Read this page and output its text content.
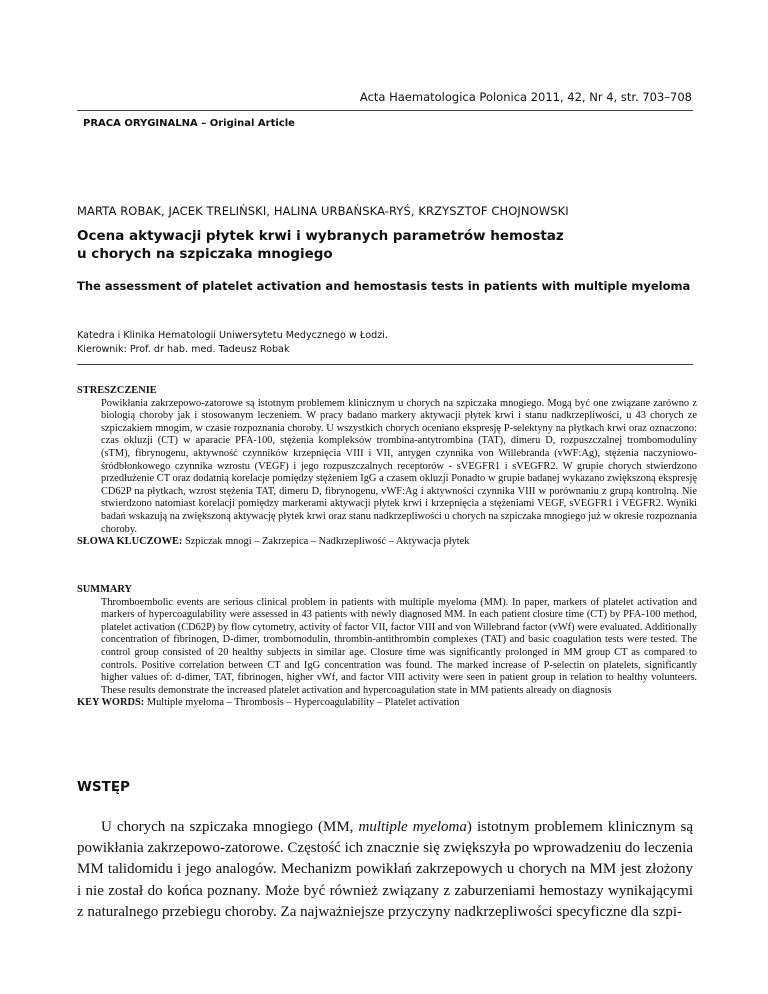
Acta Haematologica Polonica 2011, 42, Nr 4, str. 703–708
PRACA ORYGINALNA – Original Article
MARTA ROBAK, JACEK TRELIŃSKI, HALINA URBAŃSKA-RYŚ, KRZYSZTOF CHOJNOWSKI
Ocena aktywacji płytek krwi i wybranych parametrów hemostaz
u chorych na szpiczaka mnogiego
The assessment of platelet activation and hemostasis tests in patients with multiple myeloma
Katedra i Klinika Hematologii Uniwersytetu Medycznego w Łodzi.
Kierownik: Prof. dr hab. med. Tadeusz Robak
STRESZCZENIE
Powikłania zakrzepowo-zatorowe są istotnym problemem klinicznym u chorych na szpiczaka mnogiego. Mogą być one związane zarówno z biologią choroby jak i stosowanym leczeniem. W pracy badano markery aktywacji płytek krwi i stanu nadkrzepliwości, u 43 chorych ze szpiczakiem mnogim, w czasie rozpoznania choroby. U wszystkich chorych oceniano ekspresję P-selektyny na płytkach krwi oraz oznaczono: czas okluzji (CT) w aparacie PFA-100, stężenia kompleksów trombina-antytrombina (TAT), dimeru D, rozpuszczalnej trombomoduliny (sTM), fibrynogenu, aktywność czynników krzepnięcia VIII i VII, antygen czynnika von Willebranda (vWF:Ag), stężenia naczyniowo-śródbłonkowego czynnika wzrostu (VEGF) i jego rozpuszczalnych receptorów - sVEGFR1 i sVEGFR2. W grupie chorych stwierdzono przedłużenie CT oraz dodatnią korelacje pomiędzy stężeniem IgG a czasem okluzji Ponadto w grupie badanej wykazano zwiększoną ekspresję CD62P na płytkach, wzrost stężenia TAT, dimeru D, fibrynogenu, vWF:Ag i aktywności czynnika VIII w porównaniu z grupą kontrolną. Nie stwierdzono natomiast korelacji pomiędzy markerami aktywacji płytek krwi i krzepnięcia a stężeniami VEGF, sVEGFR1 i VEGFR2. Wyniki badań wskazują na zwiększoną aktywację płytek krwi oraz stanu nadkrzepliwości u chorych na szpiczaka mnogiego już w okresie rozpoznania choroby.
SŁOWA KLUCZOWE: Szpiczak mnogi – Zakrzepica – Nadkrzepliwość – Aktywacja płytek
SUMMARY
Thromboembolic events are serious clinical problem in patients with multiple myeloma (MM). In paper, markers of platelet activation and markers of hypercoagulability were assessed in 43 patients with newly diagnosed MM. In each patient closure time (CT) by PFA-100 method, platelet activation (CD62P) by flow cytometry, activity of factor VII, factor VIII and von Willebrand factor (vWf) were evaluated. Additionally concentration of fibrinogen, D-dimer, trombomodulin, thrombin-antithrombin complexes (TAT) and basic coagulation tests were tested. The control group consisted of 20 healthy subjects in similar age. Closure time was significantly prolonged in MM group CT as compared to controls. Positive correlation between CT and IgG concentration was found. The marked increase of P-selectin on platelets, significantly higher values of: d-dimer, TAT, fibrinogen, higher vWf, and factor VIII activity were seen in patient group in relation to healthy volunteers. These results demonstrate the increased platelet activation and hypercoagulation state in MM patients already on diagnosis
KEY WORDS: Multiple myeloma – Thrombosis – Hypercoagulability – Platelet activation
WSTĘP
U chorych na szpiczaka mnogiego (MM, multiple myeloma) istotnym problemem klinicznym są powikłania zakrzepowo-zatorowe. Częstość ich znacznie się zwiększyła po wprowadzeniu do leczenia MM talidomidu i jego analogów. Mechanizm powikłań zakrzepowych u chorych na MM jest złożony i nie został do końca poznany. Może być również związany z zaburzeniami hemostazy wynikającymi z naturalnego przebiegu choroby. Za najważniejsze przyczyny nadkrzepliwości specyficzne dla szpi-
